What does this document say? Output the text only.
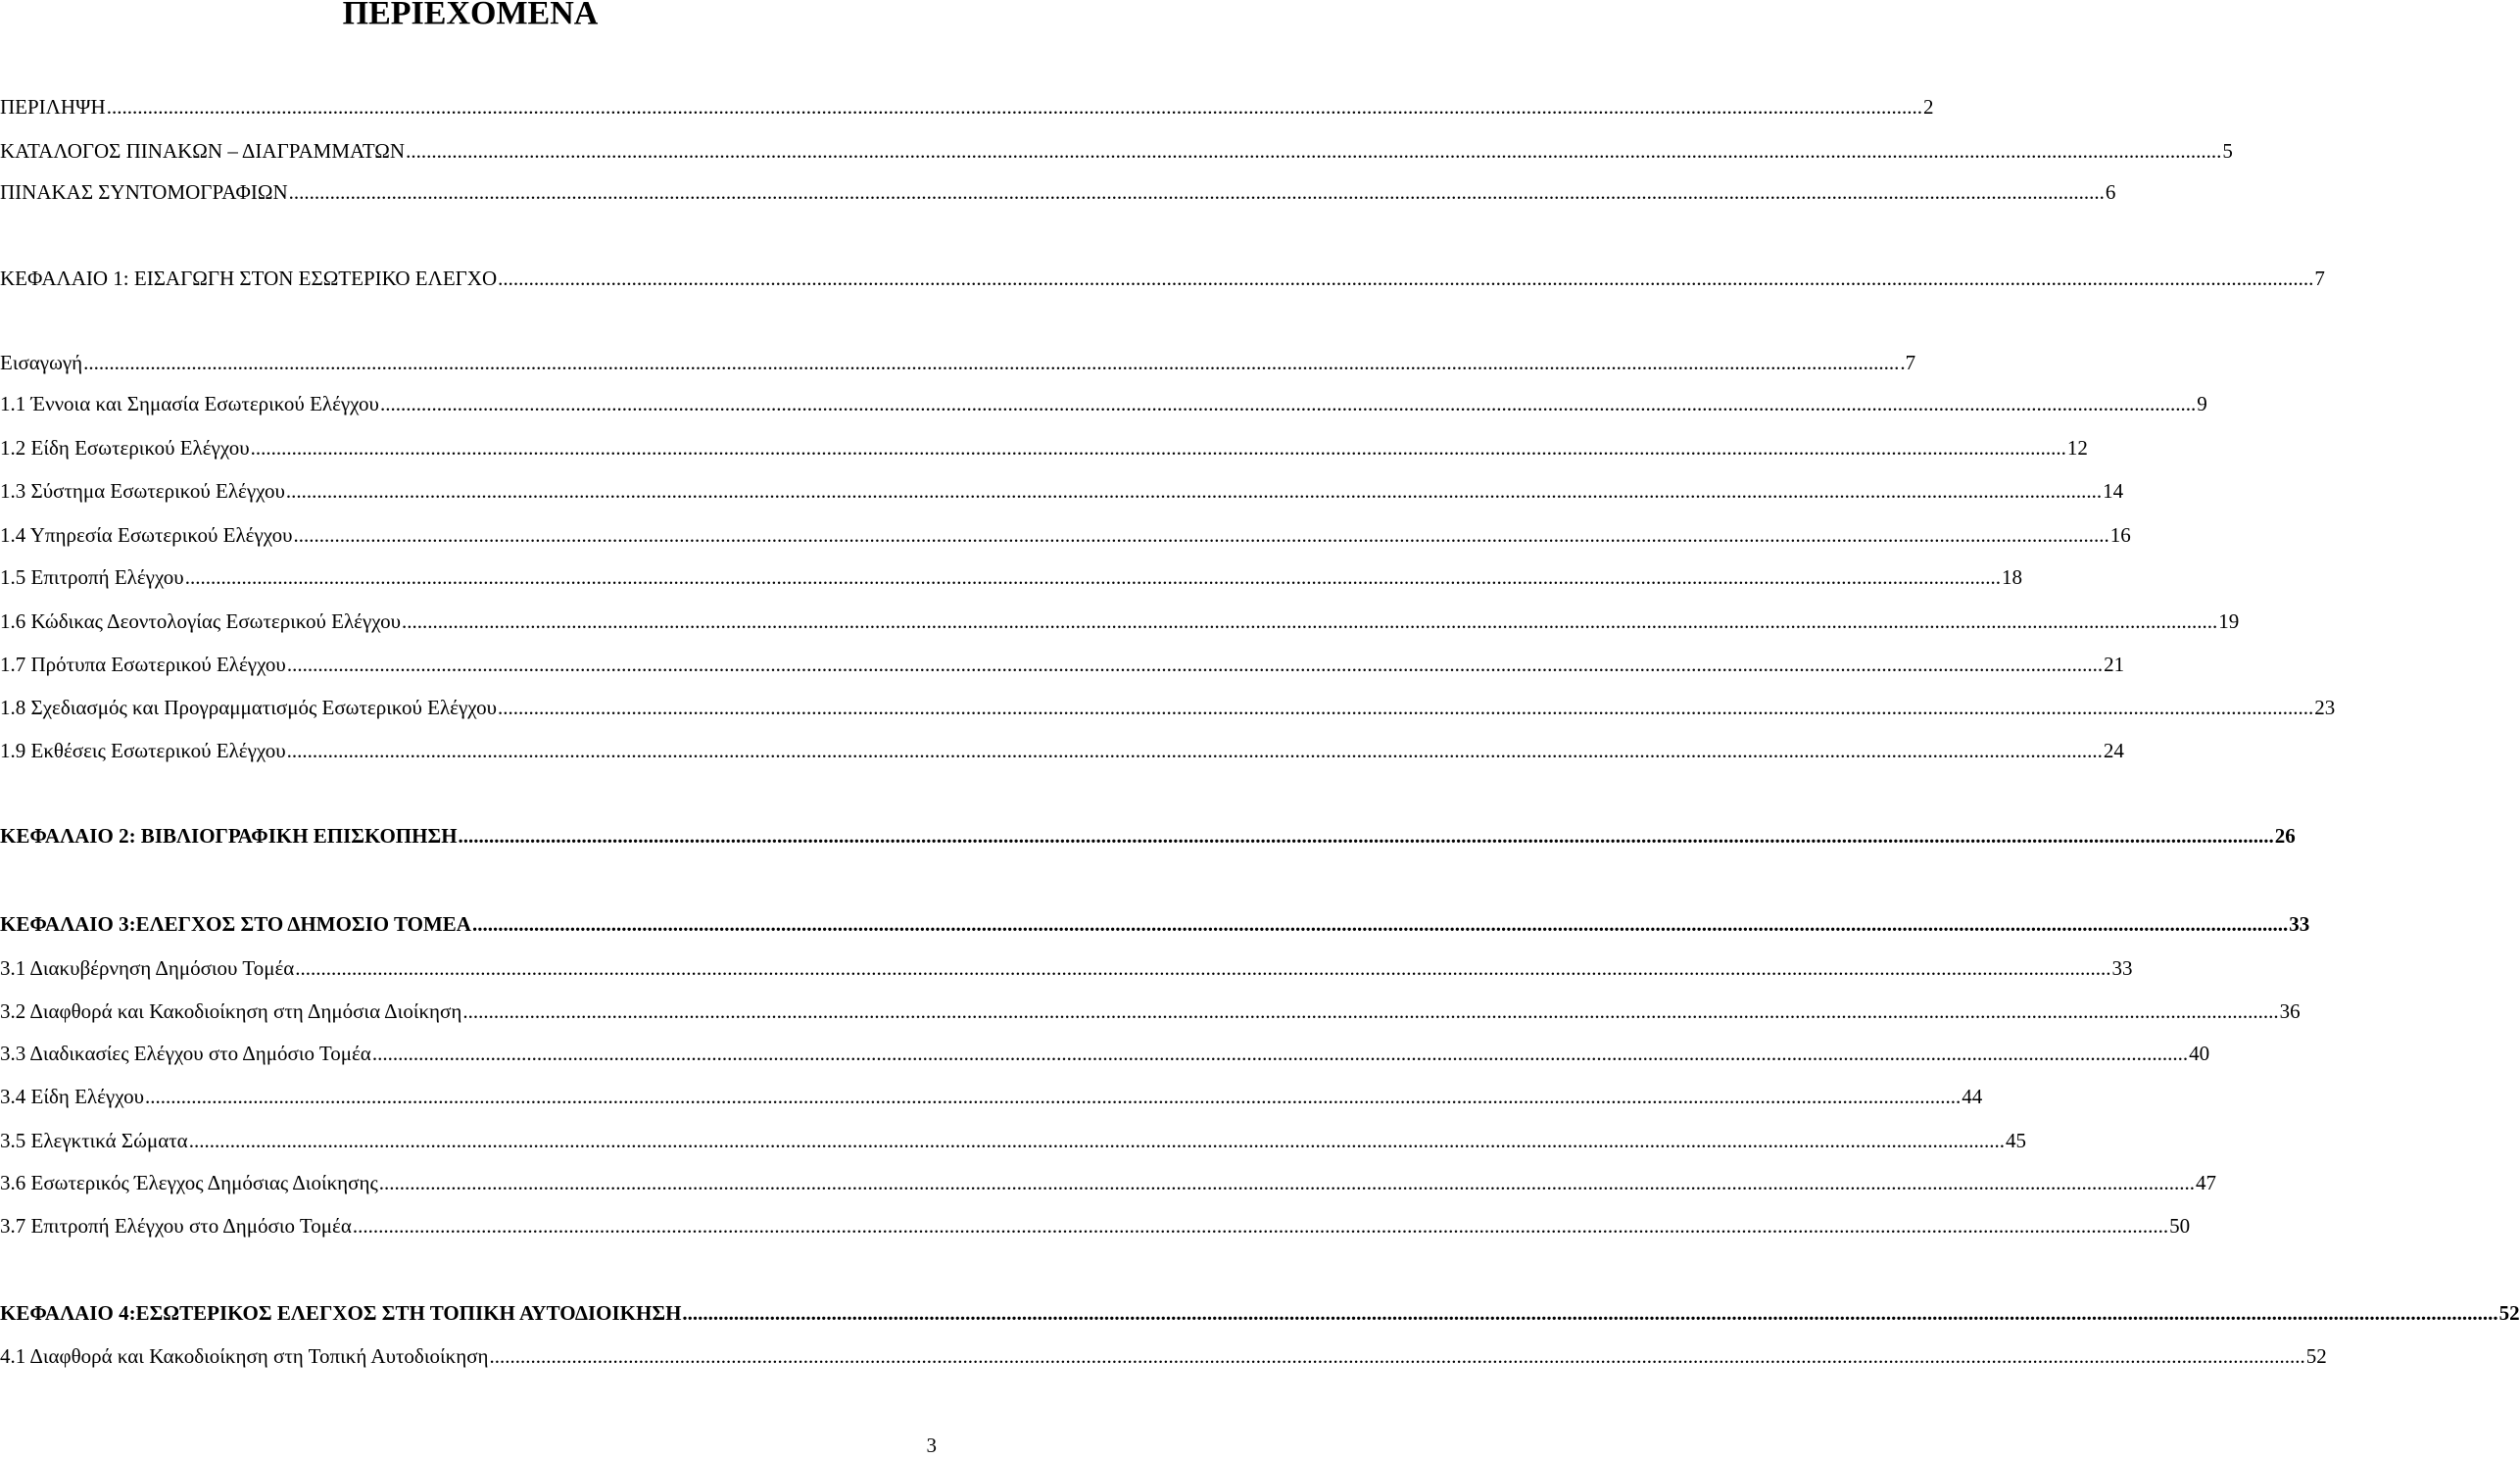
ΠΕΡΙΕΧΟΜΕΝΑ
ΠΕΡΙΛΗΨΗ .....	2
ΚΑΤΑΛΟΓΟΣ ΠΙΝΑΚΩΝ – ΔΙΑΓΡΑΜΜΑΤΩΝ .....	5
ΠΙΝΑΚΑΣ ΣΥΝΤΟΜΟΓΡΑΦΙΩΝ .....	6
ΚΕΦΑΛΑΙΟ 1: ΕΙΣΑΓΩΓΗ ΣΤΟΝ ΕΣΩΤΕΡΙΚΟ ΕΛΕΓΧΟ .....	7
Εισαγωγή .....	.7
1.1 Έννοια και Σημασία Εσωτερικού Ελέγχου .....	9
1.2 Είδη Εσωτερικού Ελέγχου .....	12
1.3 Σύστημα Εσωτερικού Ελέγχου .....	14
1.4 Υπηρεσία Εσωτερικού Ελέγχου .....	16
1.5 Επιτροπή Ελέγχου .....	18
1.6 Κώδικας Δεοντολογίας Εσωτερικού Ελέγχου .....	19
1.7 Πρότυπα Εσωτερικού Ελέγχου .....	21
1.8 Σχεδιασμός και Προγραμματισμός Εσωτερικού Ελέγχου .....	23
1.9 Εκθέσεις Εσωτερικού Ελέγχου .....	24
ΚΕΦΑΛΑΙΟ 2: ΒΙΒΛΙΟΓΡΑΦΙΚΗ ΕΠΙΣΚΟΠΗΣΗ .....	26
ΚΕΦΑΛΑΙΟ 3:ΕΛΕΓΧΟΣ ΣΤΟ ΔΗΜΟΣΙΟ ΤΟΜΕΑ .....	33
3.1 Διακυβέρνηση Δημόσιου Τομέα .....	33
3.2 Διαφθορά και Κακοδιοίκηση στη Δημόσια Διοίκηση .....	36
3.3 Διαδικασίες Ελέγχου στο Δημόσιο Τομέα .....	40
3.4 Είδη Ελέγχου .....	44
3.5 Ελεγκτικά Σώματα .....	45
3.6 Εσωτερικός Έλεγχος Δημόσιας Διοίκησης .....	47
3.7 Επιτροπή Ελέγχου στο Δημόσιο Τομέα .....	50
ΚΕΦΑΛΑΙΟ 4:ΕΣΩΤΕΡΙΚΟΣ ΕΛΕΓΧΟΣ ΣΤΗ ΤΟΠΙΚΗ ΑΥΤΟΔΙΟΙΚΗΣΗ .....	52
4.1 Διαφθορά και Κακοδιοίκηση στη Τοπική Αυτοδιοίκηση .....	52
3
